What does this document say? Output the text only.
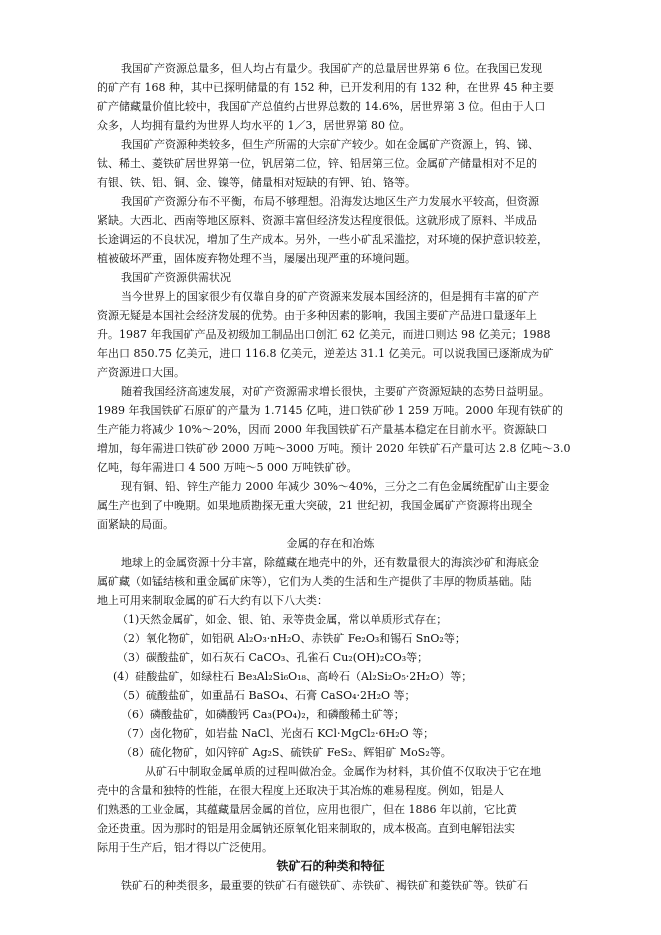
我国矿产资源总量多，但人均占有量少。我国矿产的总量居世界第 6 位。在我国已发现
的矿产有 168 种，其中已探明储量的有 152 种，已开发利用的有 132 种，在世界 45 种主要
矿产储藏量价值比较中，我国矿产总值约占世界总数的 14.6%，居世界第 3 位。但由于人口
众多，人均拥有量约为世界人均水平的 1／3，居世界第 80 位。
我国矿产资源种类较多，但生产所需的大宗矿产较少。如在金属矿产资源上，钨、锑、
钛、稀土、菱铁矿居世界第一位，钒居第二位，锌、铅居第三位。金属矿产储量相对不足的
有银、铁、铝、铜、金、镍等，储量相对短缺的有钾、铂、铬等。
我国矿产资源分布不平衡，布局不够理想。沿海发达地区生产力发展水平较高，但资源
紧缺。大西北、西南等地区原料、资源丰富但经济发达程度很低。这就形成了原料、半成品
长途调运的不良状况，增加了生产成本。另外，一些小矿乱采滥挖，对环境的保护意识较差，
植被破坏严重，固体废弃物处理不当，屡屡出现严重的环境问题。
我国矿产资源供需状况
当今世界上的国家很少有仅靠自身的矿产资源来发展本国经济的，但是拥有丰富的矿产
资源无疑是本国社会经济发展的优势。由于多种因素的影响，我国主要矿产品进口量逐年上
升。1987 年我国矿产品及初级加工制品出口创汇 62 亿美元，而进口则达 98 亿美元；1988
年出口 850.75 亿美元，进口 116.8 亿美元，逆差达 31.1 亿美元。可以说我国已逐渐成为矿
产资源进口大国。
随着我国经济高速发展，对矿产资源需求增长很快，主要矿产资源短缺的态势日益明显。
1989 年我国铁矿石原矿的产量为 1.7145 亿吨，进口铁矿砂 1 259 万吨。2000 年现有铁矿的
生产能力将减少 10%～20%，因而 2000 年我国铁矿石产量基本稳定在目前水平。资源缺口
增加，每年需进口铁矿砂 2000 万吨～3000 万吨。预计 2020 年铁矿石产量可达 2.8 亿吨～3.0
亿吨，每年需进口 4 500 万吨～5 000 万吨铁矿砂。
现有铜、铅、锌生产能力 2000 年减少 30%～40%，三分之二有色金属统配矿山主要金
属生产也到了中晚期。如果地质勘探无重大突破，21 世纪初，我国金属矿产资源将出现全
面紧缺的局面。
金属的存在和冶炼
地球上的金属资源十分丰富，除蕴藏在地壳中的外，还有数量很大的海滨沙矿和海底金
属矿藏（如锰结核和重金属矿床等），它们为人类的生活和生产提供了丰厚的物质基础。陆
地上可用来制取金属的矿石大约有以下八大类：
（1)天然金属矿，如金、银、铂、汞等贵金属，常以单质形式存在；
（2）氧化物矿，如铝矾 Al₂O₃·nH₂O、赤铁矿 Fe₂O₃和锡石 SnO₂等；
（3）碳酸盐矿，如石灰石 CaCO₃、孔雀石 Cu₂(OH)₂CO₃等；
(4）硅酸盐矿，如绿柱石 Be₃Al₂Si₆O₁₈、高岭石（Al₂Si₂O₅·2H₂O）等；
（5）硫酸盐矿，如重晶石 BaSO₄、石膏 CaSO₄·2H₂O 等；
（6）磷酸盐矿，如磷酸钙 Ca₃(PO₄)₂，和磷酸稀土矿等；
（7）卤化物矿，如岩盐 NaCl、光卤石 KCl·MgCl₂·6H₂O 等；
（8）硫化物矿，如闪锌矿 Ag₂S、硫铁矿 FeS₂、辉钼矿 MoS₂等。
从矿石中制取金属单质的过程叫做冶金。金属作为材料，其价值不仅取决于它在地
壳中的含量和独特的性能，在很大程度上还取决于其冶炼的难易程度。例如，铝是人
们熟悉的工业金属，其蕴藏量居金属的首位，应用也很广，但在 1886 年以前，它比黄
金还贵重。因为那时的铝是用金属钠还原氧化铝来制取的，成本极高。直到电解铝法实
际用于生产后，铝才得以广泛使用。
铁矿石的种类和特征
铁矿石的种类很多，最重要的铁矿石有磁铁矿、赤铁矿、褐铁矿和菱铁矿等。铁矿石
